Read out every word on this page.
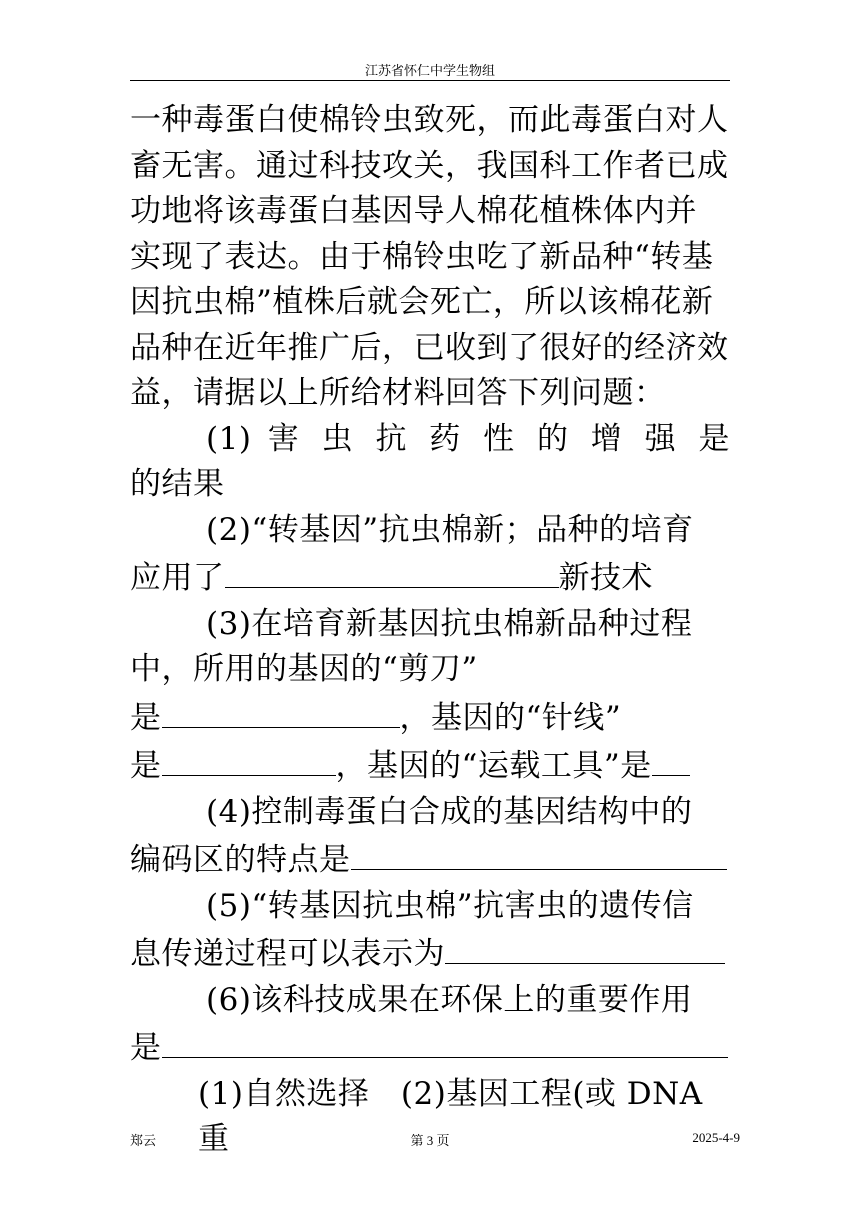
江苏省怀仁中学生物组

一种毒蛋白使棉铃虫致死，而此毒蛋白对人

畜无害。通过科技攻关，我国科工作者已成

功地将该毒蛋白基因导人棉花植株体内并

实现了表达。由于棉铃虫吃了新品种“转基

因抗虫棉”植株后就会死亡，所以该棉花新

品种在近年推广后，已收到了很好的经济效

益，请据以上所给材料回答下列问题：

(1) 害 虫 抗 药 性 的 增 强 是

的结果

(2)“转基因”抗虫棉新；品种的培育

应用了	新技术

(3)在培育新基因抗虫棉新品种过程

中，所用的基因的“剪刀”

是	，基因的“针线”

是	，基因的“运载工具”是

(4)控制毒蛋白合成的基因结构中的

编码区的特点是

(5)“转基因抗虫棉”抗害虫的遗传信

息传递过程可以表示为

(6)该科技成果在环保上的重要作用

是

(1)自然选择　(2)基因工程(或 DNA 重

郑云	第 3 页	2025-4-9
